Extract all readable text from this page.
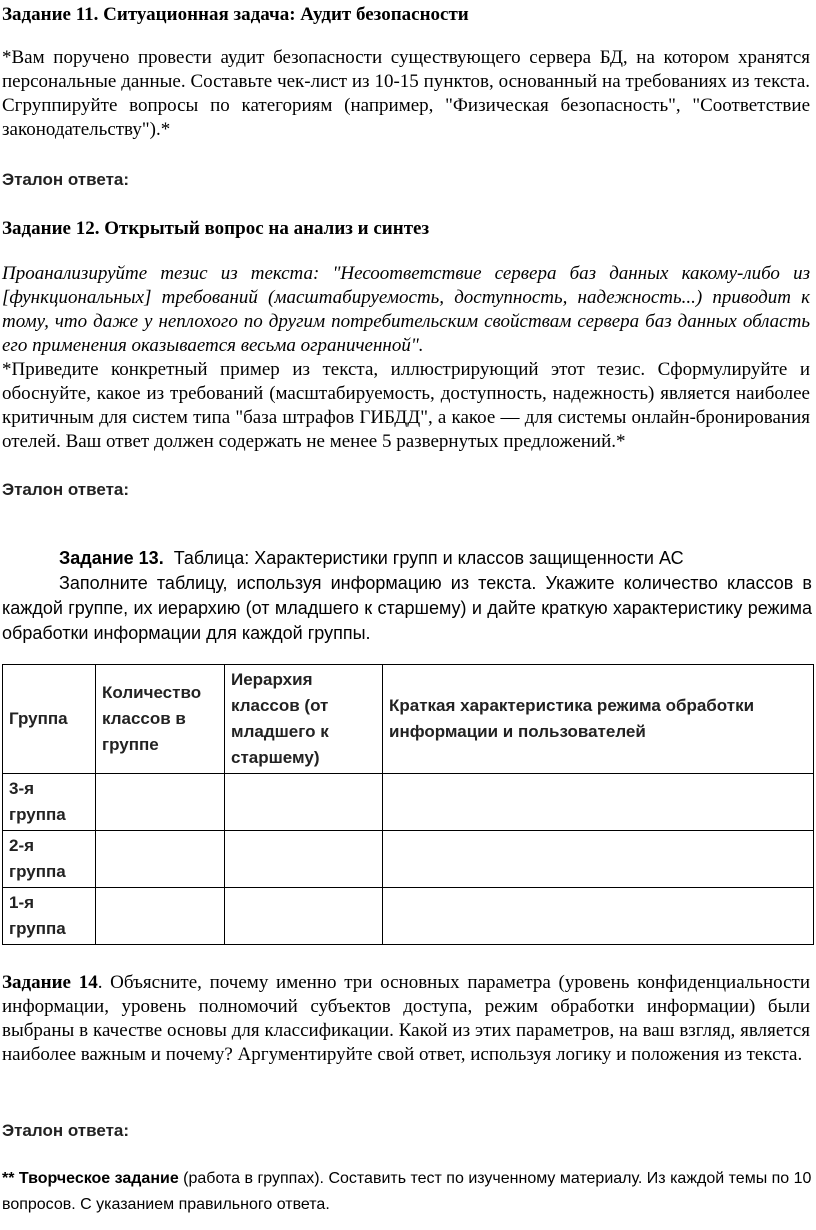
Задание 11. Ситуационная задача: Аудит безопасности
*Вам поручено провести аудит безопасности существующего сервера БД, на котором хранятся персональные данные. Составьте чек-лист из 10-15 пунктов, основанный на требованиях из текста. Сгруппируйте вопросы по категориям (например, "Физическая безопасность", "Соответствие законодательству").*
Эталон ответа:
Задание 12. Открытый вопрос на анализ и синтез
Проанализируйте тезис из текста: "Несоответствие сервера баз данных какому-либо из [функциональных] требований (масштабируемость, доступность, надежность...) приводит к тому, что даже у неплохого по другим потребительским свойствам сервера баз данных область его применения оказывается весьма ограниченной".
*Приведите конкретный пример из текста, иллюстрирующий этот тезис. Сформулируйте и обоснуйте, какое из требований (масштабируемость, доступность, надежность) является наиболее критичным для систем типа "база штрафов ГИБДД", а какое — для системы онлайн-бронирования отелей. Ваш ответ должен содержать не менее 5 развернутых предложений.*
Эталон ответа:
Задание 13. Таблица: Характеристики групп и классов защищенности АС
Заполните таблицу, используя информацию из текста. Укажите количество классов в каждой группе, их иерархию (от младшего к старшему) и дайте краткую характеристику режима обработки информации для каждой группы.
Группа	Количество классов в группе	Иерархия классов (от младшего к старшему)	Краткая характеристика режима обработки информации и пользователей
3-я группа			
2-я группа			
1-я группа			
Задание 14. Объясните, почему именно три основных параметра (уровень конфиденциальности информации, уровень полномочий субъектов доступа, режим обработки информации) были выбраны в качестве основы для классификации. Какой из этих параметров, на ваш взгляд, является наиболее важным и почему? Аргументируйте свой ответ, используя логику и положения из текста.
Эталон ответа:
** Творческое задание (работа в группах). Составить тест по изученному материалу. Из каждой темы по 10 вопросов. С указанием правильного ответа.
